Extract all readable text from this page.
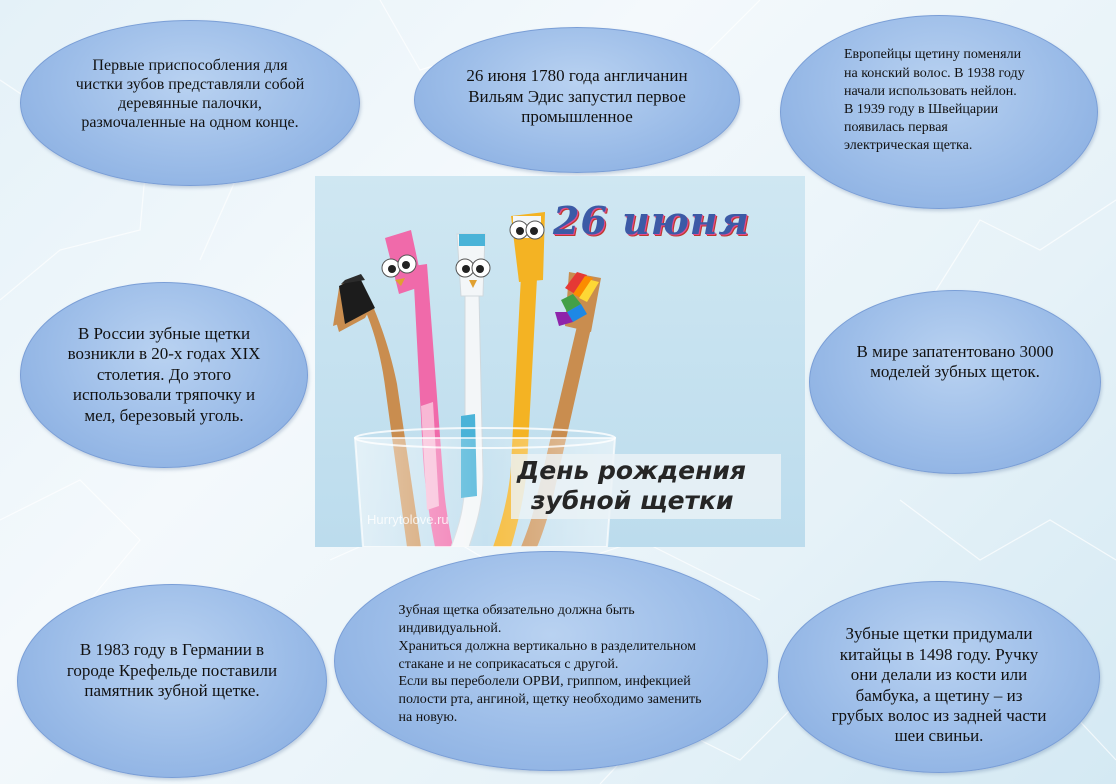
Первые приспособления для чистки зубов представляли собой деревянные палочки, размочаленные на одном конце.
26 июня 1780 года англичанин Вильям Эдис запустил первое промышленное
Европейцы щетину поменяли на конский волос. В 1938 году начали использовать нейлон.
В 1939 году в Швейцарии появилась первая электрическая щетка.
В России зубные щетки возникли в 20-х годах XIX столетия. До этого использовали тряпочку и мел, березовый уголь.
В мире запатентовано 3000 моделей зубных щеток.
В 1983 году в Германии в городе Крефельде поставили памятник зубной щетке.
Зубная щетка обязательно должна быть индивидуальной.
Храниться должна вертикально в разделительном стакане и не соприкасаться с другой.
Если вы переболели ОРВИ, гриппом, инфекцией полости рта, ангиной, щетку необходимо заменить на новую.
Зубные щетки придумали китайцы в 1498 году. Ручку они делали из кости или бамбука, а щетину – из грубых волос из задней части шеи свиньи.
26 июня
День рождения
зубной щетки
Hurrytolove.ru
